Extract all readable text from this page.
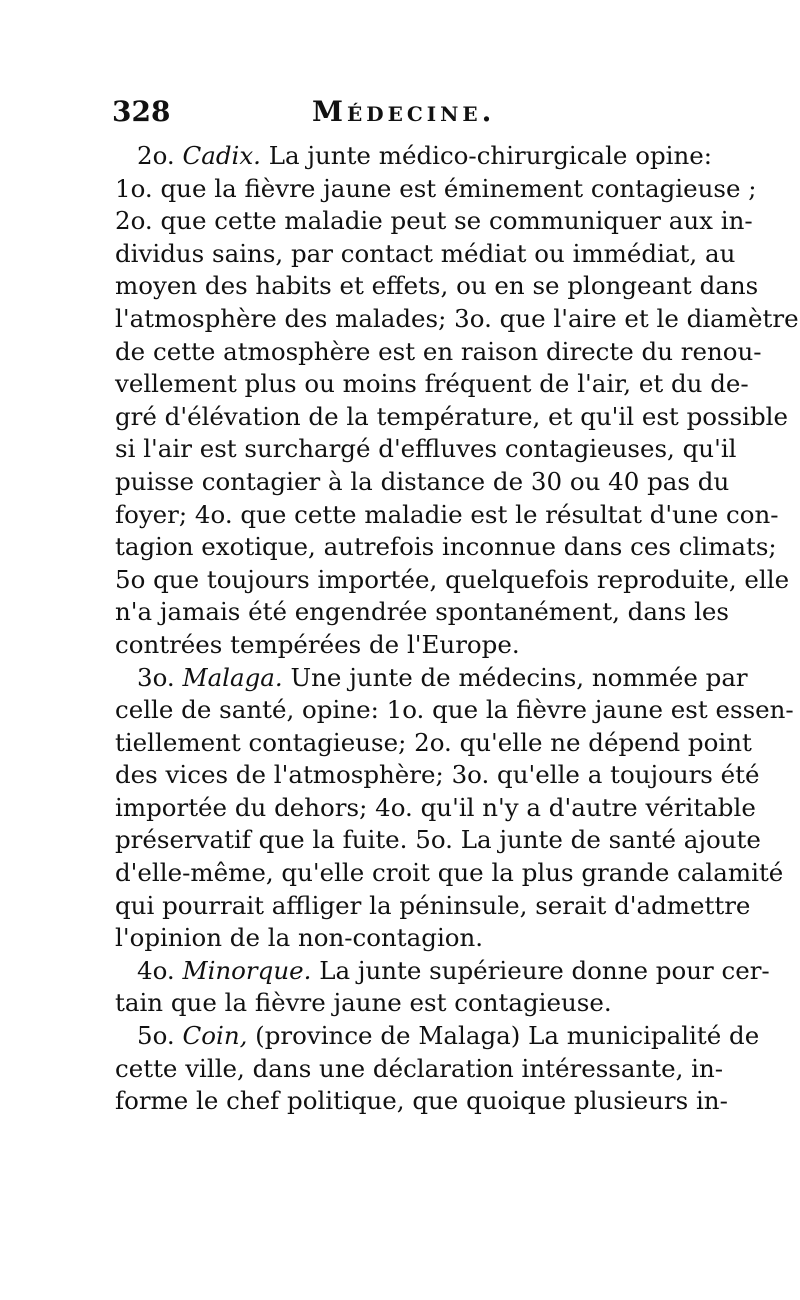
328	Médecine.
2o. Cadix. La junte médico-chirurgicale opine:
1o. que la fièvre jaune est éminement contagieuse ;
2o. que cette maladie peut se communiquer aux in-
dividus sains, par contact médiat ou immédiat, au
moyen des habits et effets, ou en se plongeant dans
l'atmosphère des malades; 3o. que l'aire et le diamètre
de cette atmosphère est en raison directe du renou-
vellement plus ou moins fréquent de l'air, et du de-
gré d'élévation de la température, et qu'il est possible
si l'air est surchargé d'effluves contagieuses, qu'il
puisse contagier à la distance de 30 ou 40 pas du
foyer; 4o. que cette maladie est le résultat d'une con-
tagion exotique, autrefois inconnue dans ces climats;
5o que toujours importée, quelquefois reproduite, elle
n'a jamais été engendrée spontanément, dans les
contrées tempérées de l'Europe.
3o. Malaga. Une junte de médecins, nommée par
celle de santé, opine: 1o. que la fièvre jaune est essen-
tiellement contagieuse; 2o. qu'elle ne dépend point
des vices de l'atmosphère; 3o. qu'elle a toujours été
importée du dehors; 4o. qu'il n'y a d'autre véritable
préservatif que la fuite. 5o. La junte de santé ajoute
d'elle-même, qu'elle croit que la plus grande calamité
qui pourrait affliger la péninsule, serait d'admettre
l'opinion de la non-contagion.
4o. Minorque. La junte supérieure donne pour cer-
tain que la fièvre jaune est contagieuse.
5o. Coin, (province de Malaga) La municipalité de
cette ville, dans une déclaration intéressante, in-
forme le chef politique, que quoique plusieurs in-
